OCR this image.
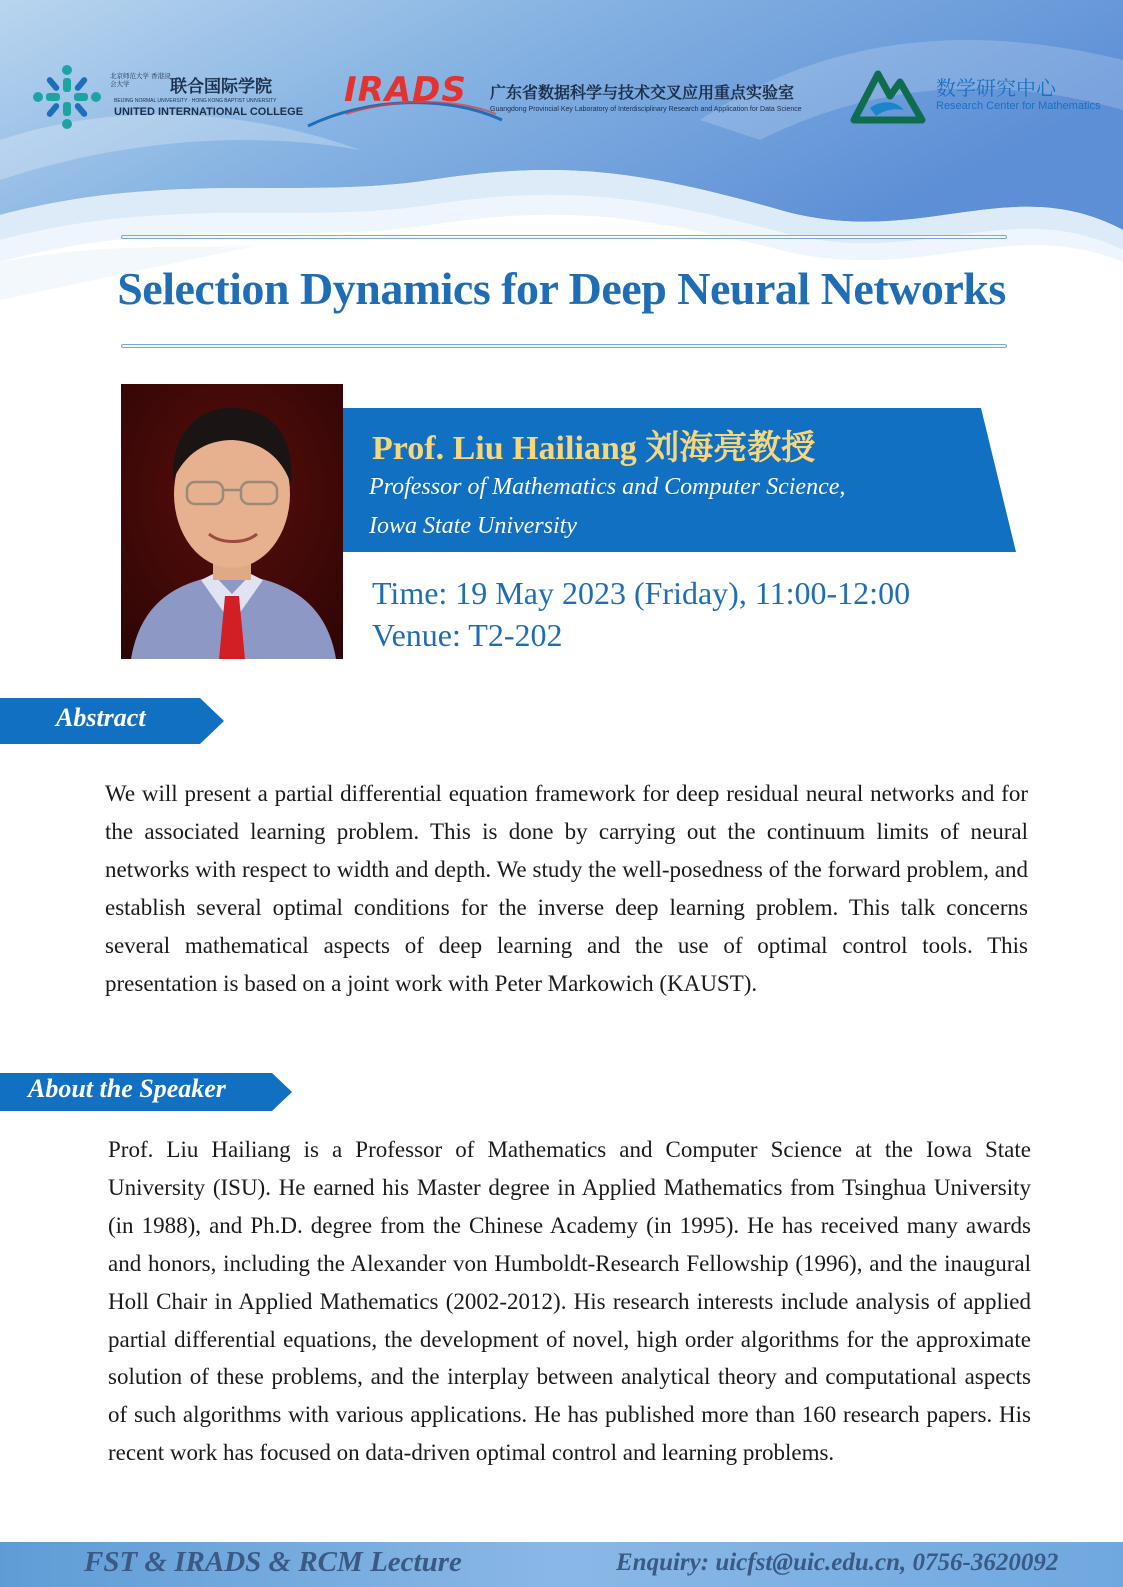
北京师范大学 香港浸会大学	联合国际学院
BEIJING NORMAL UNIVERSITY · HONG KONG BAPTIST UNIVERSITY
UNITED INTERNATIONAL COLLEGE
IRADS 广东省数据科学与技术交叉应用重点实验室
Guangdong Provincial Key Laboratory of Interdisciplinary Research and Application for Data Science
数学研究中心
Research Center for Mathematics
Selection Dynamics for Deep Neural Networks
Prof. Liu Hailiang 刘海亮教授
Professor of Mathematics and Computer Science,
Iowa State University
Time: 19 May 2023 (Friday), 11:00-12:00
Venue: T2-202
Abstract
We will present a partial differential equation framework for deep residual neural networks and for the associated learning problem. This is done by carrying out the continuum limits of neural networks with respect to width and depth. We study the well-posedness of the forward problem, and establish several optimal conditions for the inverse deep learning problem. This talk concerns several mathematical aspects of deep learning and the use of optimal control tools. This presentation is based on a joint work with Peter Markowich (KAUST).
About the Speaker
Prof. Liu Hailiang is a Professor of Mathematics and Computer Science at the Iowa State University (ISU). He earned his Master degree in Applied Mathematics from Tsinghua University (in 1988), and Ph.D. degree from the Chinese Academy (in 1995). He has received many awards and honors, including the Alexander von Humboldt-Research Fellowship (1996), and the inaugural Holl Chair in Applied Mathematics (2002-2012). His research interests include analysis of applied partial differential equations, the development of novel, high order algorithms for the approximate solution of these problems, and the interplay between analytical theory and computational aspects of such algorithms with various applications. He has published more than 160 research papers. His recent work has focused on data-driven optimal control and learning problems.
FST & IRADS & RCM Lecture	Enquiry: uicfst@uic.edu.cn, 0756-3620092
